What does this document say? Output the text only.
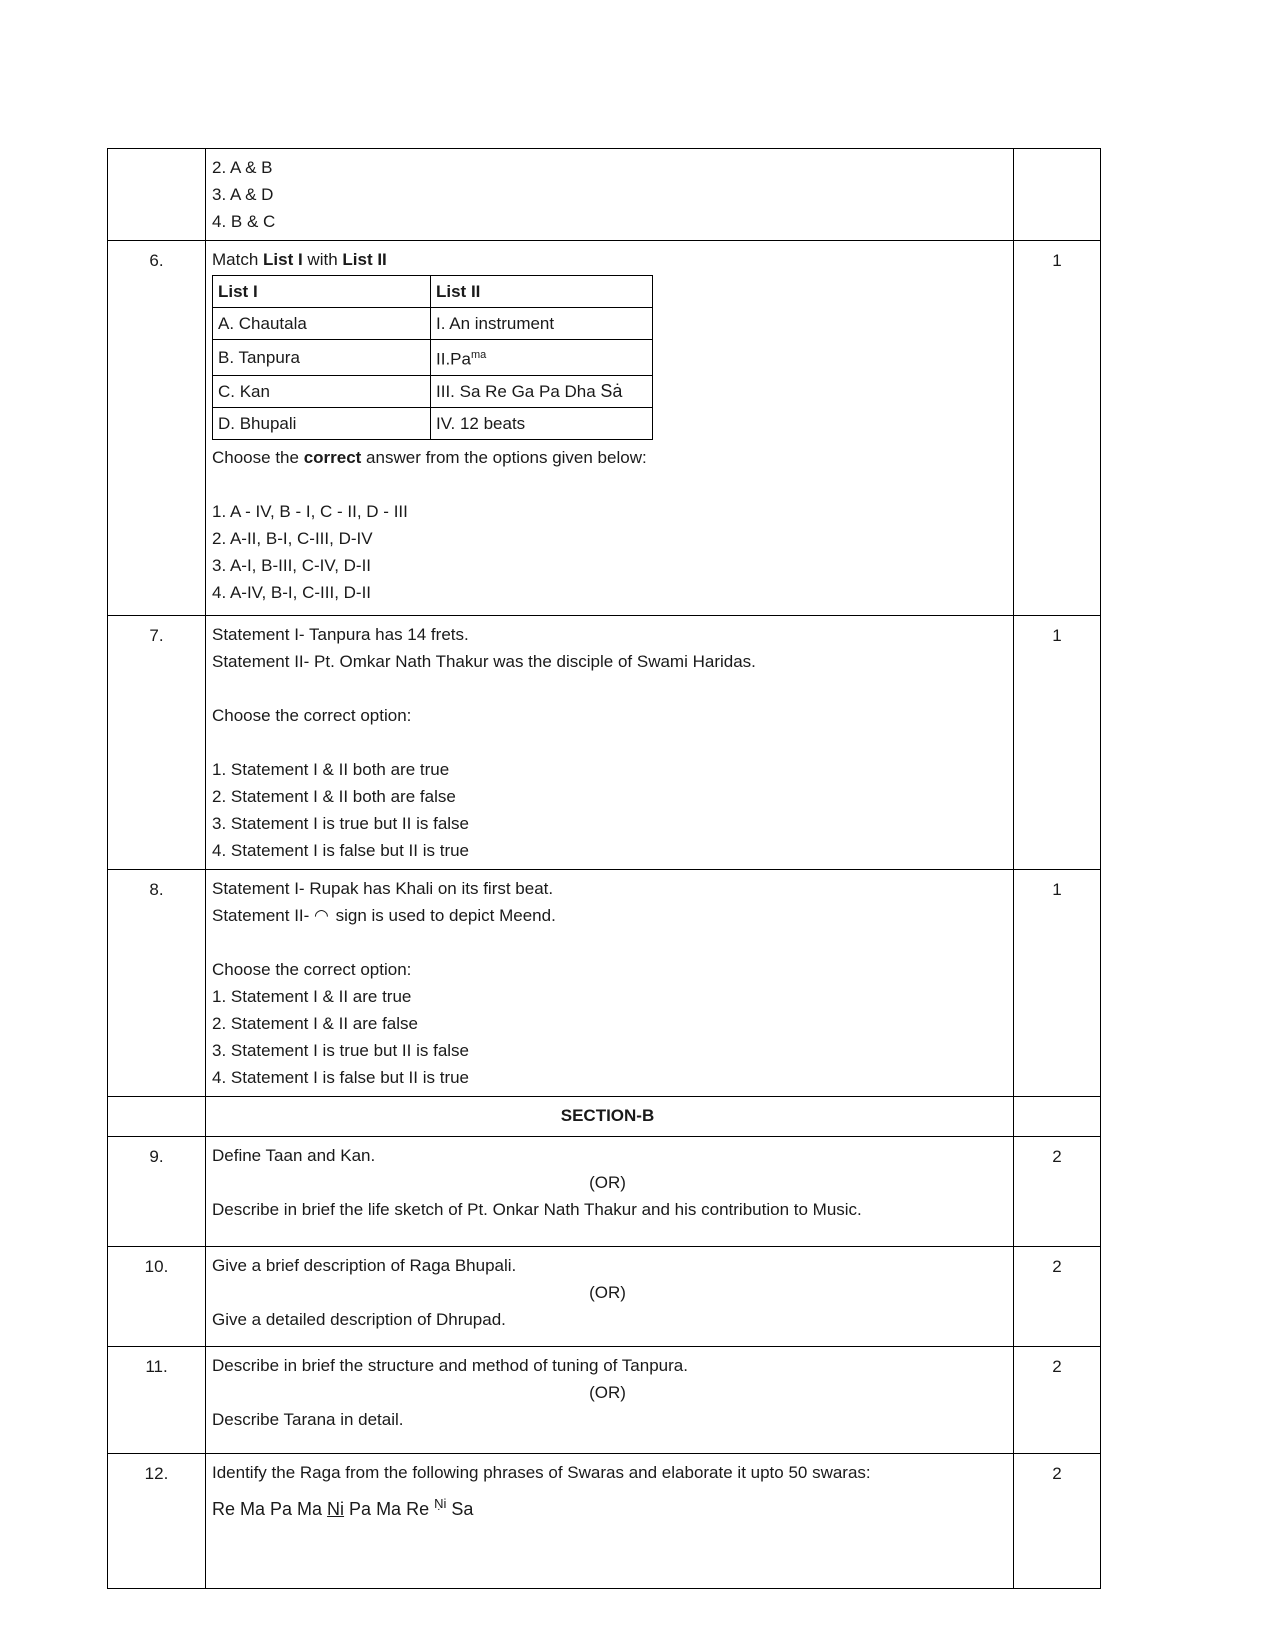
2. A & B
3. A & D
4. B & C

6.	Match List I with List II
List I	List II
A. Chautala	I. An instrument
B. Tanpura	$II.Pa^{ma}$
C. Kan	III. Sa Re Ga Pa Dha Sȧ
D. Bhupali	IV. 12 beats
Choose the correct answer from the options given below:
1. A - IV, B - I, C - II, D - III
2. A-II, B-I, C-III, D-IV
3. A-I, B-III, C-IV, D-II
4. A-IV, B-I, C-III, D-II
	1
7.	Statement I- Tanpura has 14 frets.
Statement II- Pt. Omkar Nath Thakur was the disciple of Swami Haridas.
Choose the correct option:
1. Statement I & II both are true
2. Statement I & II both are false
3. Statement I is true but II is false
4. Statement I is false but II is true
	1
8.	Statement I- Rupak has Khali on its first beat.
Statement II- ◠ sign is used to depict Meend.
Choose the correct option:
1. Statement I & II are true
2. Statement I & II are false
3. Statement I is true but II is false
4. Statement I is false but II is true
	1
	SECTION-B	
9.	Define Taan and Kan.
(OR)
Describe in brief the life sketch of Pt. Onkar Nath Thakur and his contribution to Music.
	2
10.	Give a brief description of Raga Bhupali.
(OR)
Give a detailed description of Dhrupad.
	2
11.	Describe in brief the structure and method of tuning of Tanpura.
(OR)
Describe Tarana in detail.
	2
12.	Identify the Raga from the following phrases of Swaras and elaborate it upto 50 swaras:
Re Ma Pa Ma Ni Pa Ma Re $^{Ṇi}$ Sa
	2
